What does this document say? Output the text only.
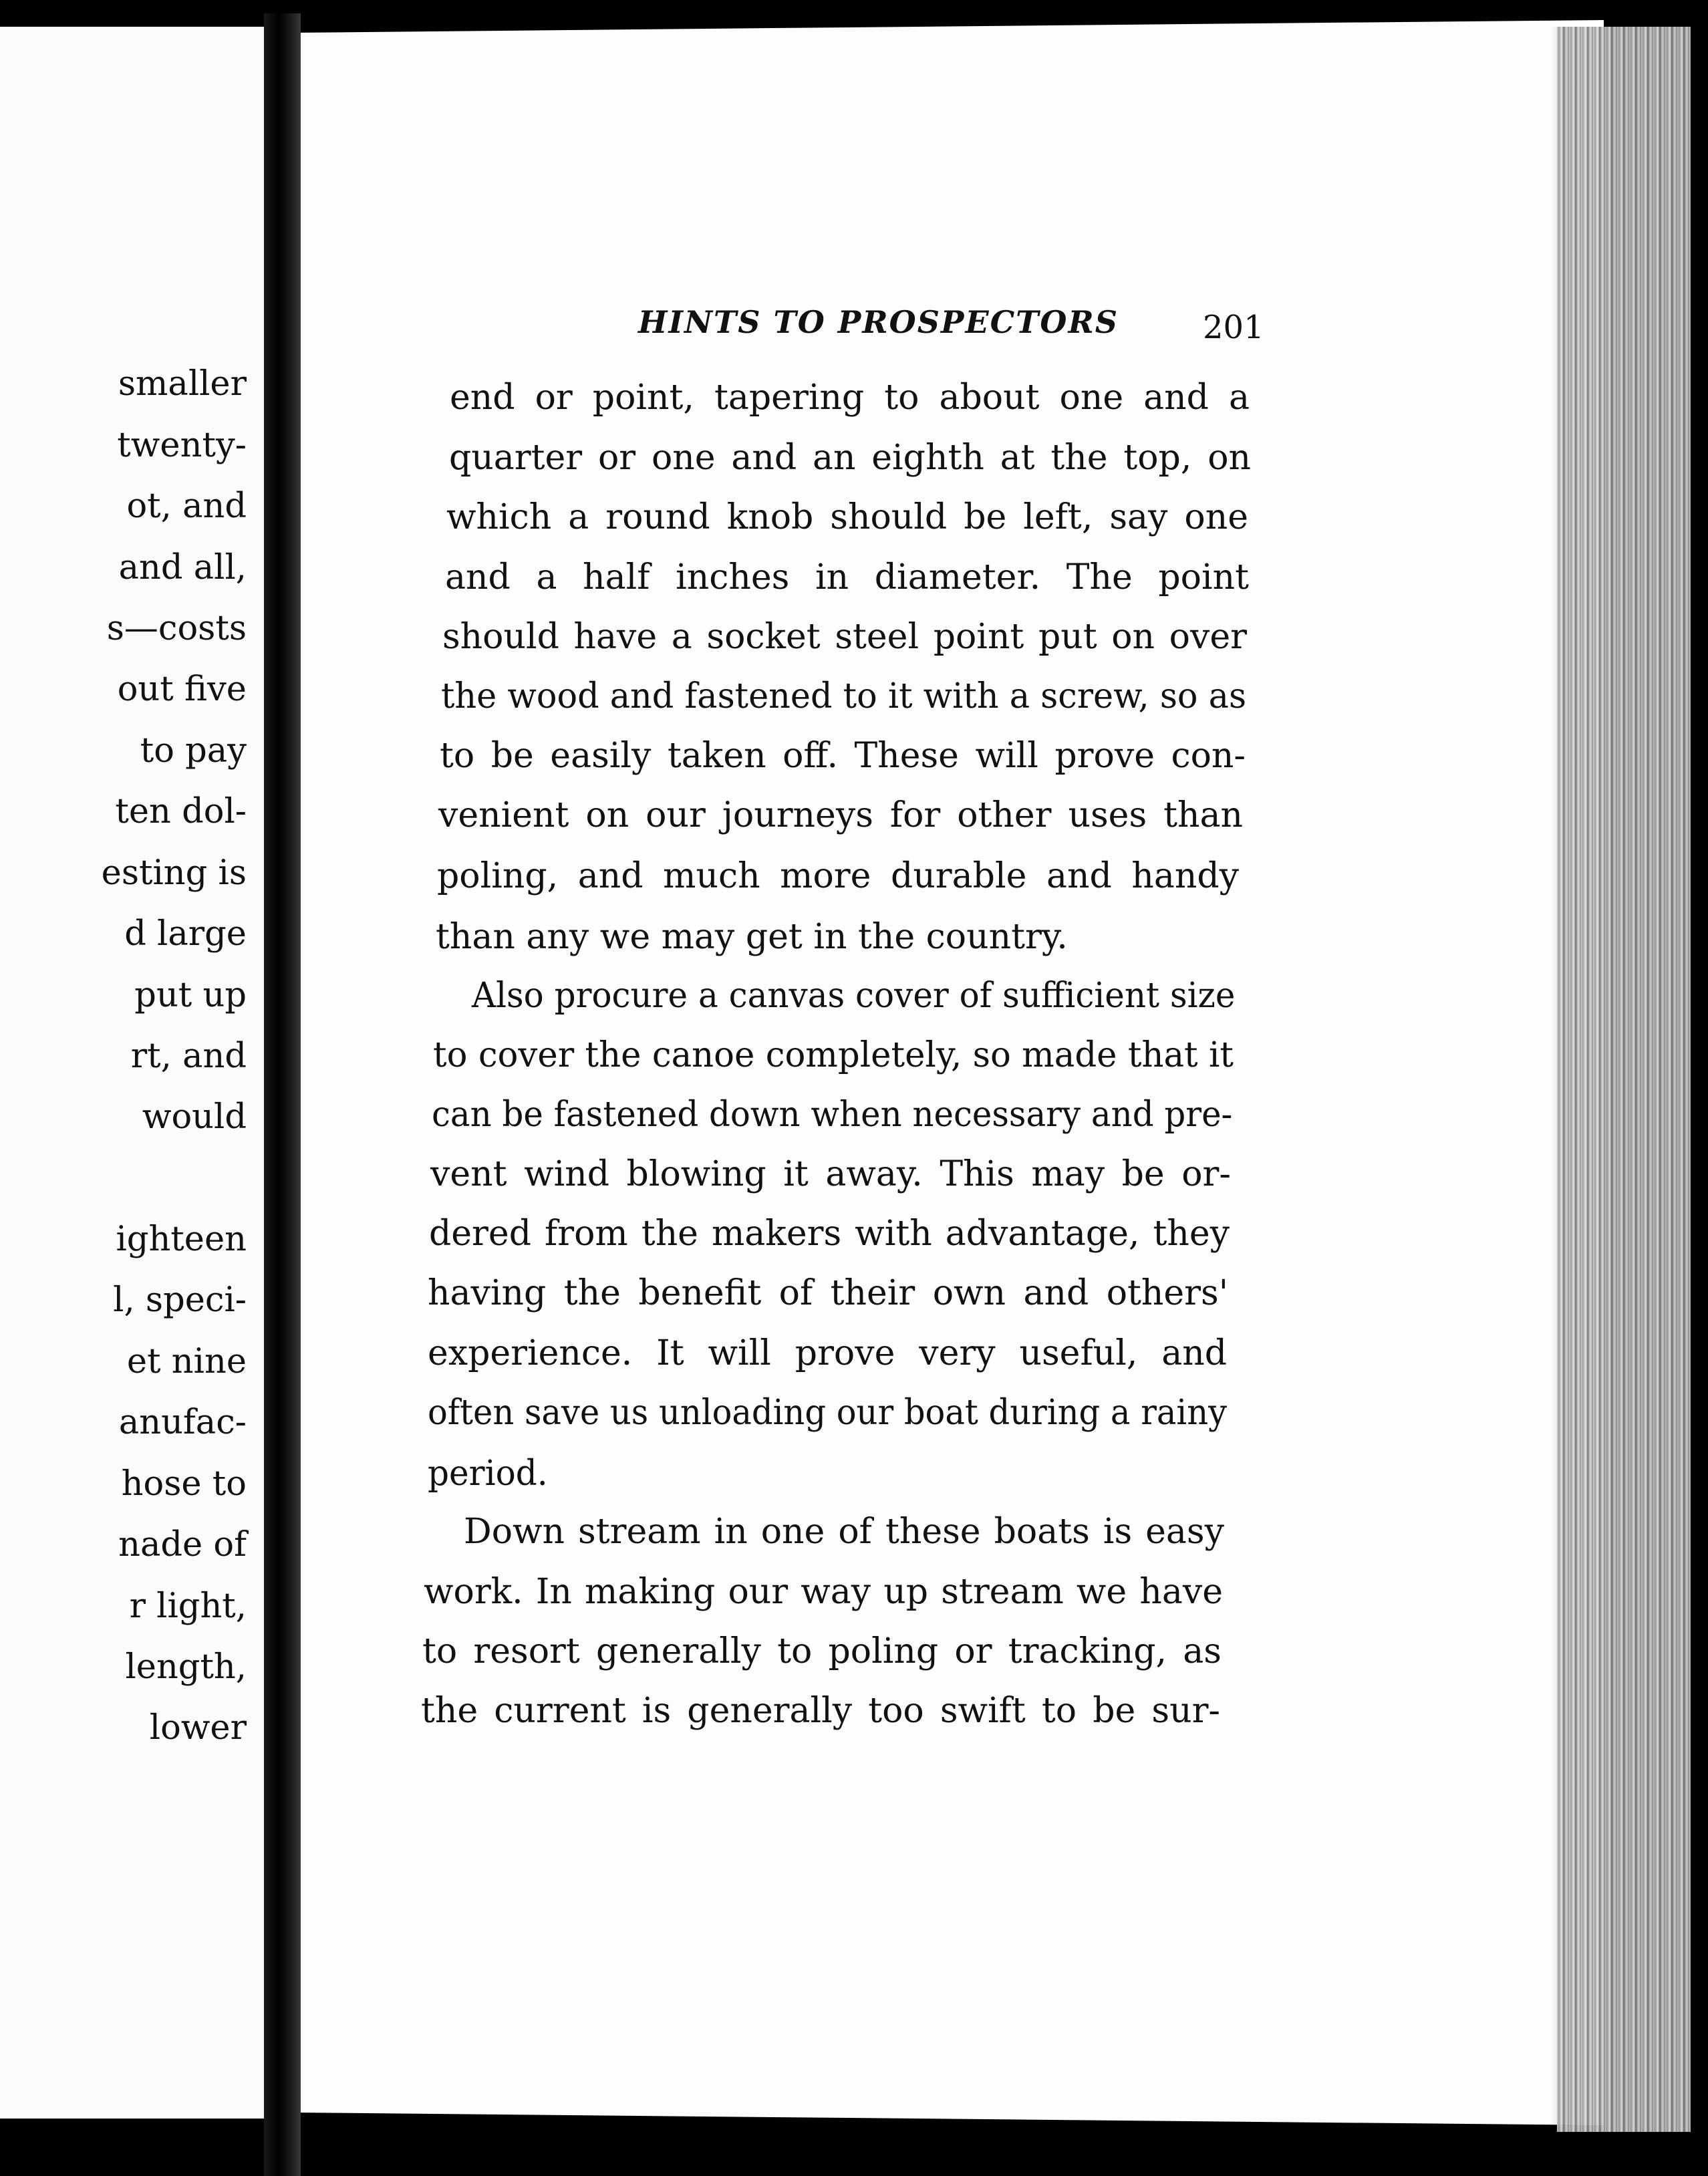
smaller
twenty-
ot, and
and all,
s—costs
out five
to pay
ten dol-
esting is
d large
put up
rt, and
would
ighteen
l, speci-
et nine
anufac-
hose to
nade of
r light,
length,
lower
HINTS TO PROSPECTORS	201
end or point, tapering to about one and a
quarter or one and an eighth at the top, on
which a round knob should be left, say one
and a half inches in diameter. The point
should have a socket steel point put on over
the wood and fastened to it with a screw, so as
to be easily taken off. These will prove con-
venient on our journeys for other uses than
poling, and much more durable and handy
than any we may get in the country.
Also procure a canvas cover of sufficient size
to cover the canoe completely, so made that it
can be fastened down when necessary and pre-
vent wind blowing it away. This may be or-
dered from the makers with advantage, they
having the benefit of their own and others'
experience. It will prove very useful, and
often save us unloading our boat during a rainy
period.
Down stream in one of these boats is easy
work. In making our way up stream we have
to resort generally to poling or tracking, as
the current is generally too swift to be sur-
